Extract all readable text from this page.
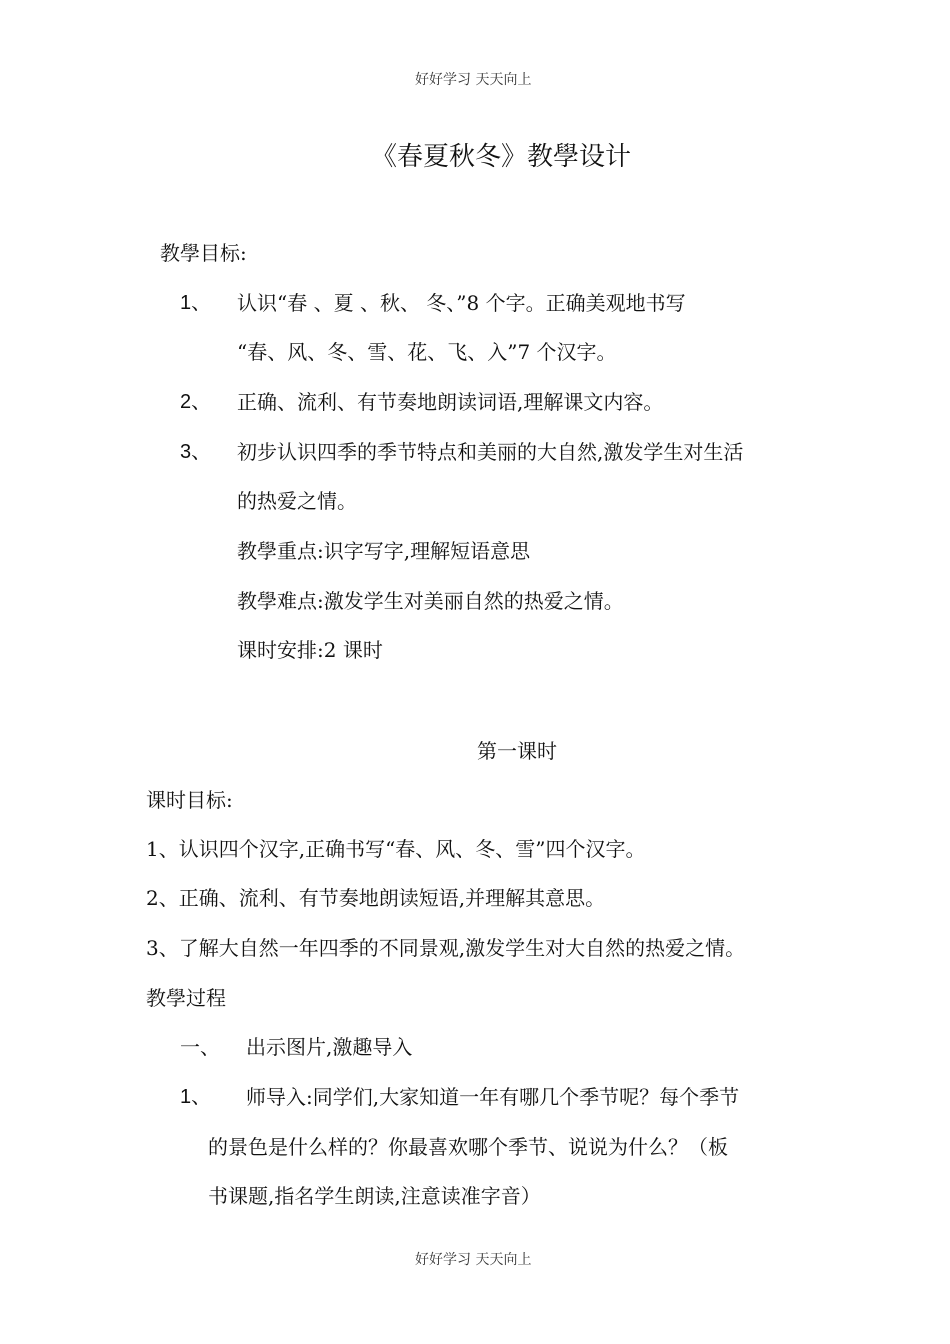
好好学习 天天向上
《春夏秋冬》教學设计
教學目标:
1、 认识“春 、夏 、秋、 冬、”8 个字。正确美观地书写
“春、风、冬、雪、花、飞、入”7 个汉字。
2、 正确、流利、有节奏地朗读词语,理解课文内容。
3、 初步认识四季的季节特点和美丽的大自然,激发学生对生活
的热爱之情。
教學重点:识字写字,理解短语意思
教學难点:激发学生对美丽自然的热爱之情。
课时安排:2 课时
第一课时
课时目标:
1、认识四个汉字,正确书写“春、风、冬、雪”四个汉字。
2、正确、流利、有节奏地朗读短语,并理解其意思。
3、了解大自然一年四季的不同景观,激发学生对大自然的热爱之情。
教學过程
一、 出示图片,激趣导入
1、 师导入:同学们,大家知道一年有哪几个季节呢？每个季节
的景色是什么样的？你最喜欢哪个季节、说说为什么？（板
书课题,指名学生朗读,注意读准字音）
好好学习 天天向上
